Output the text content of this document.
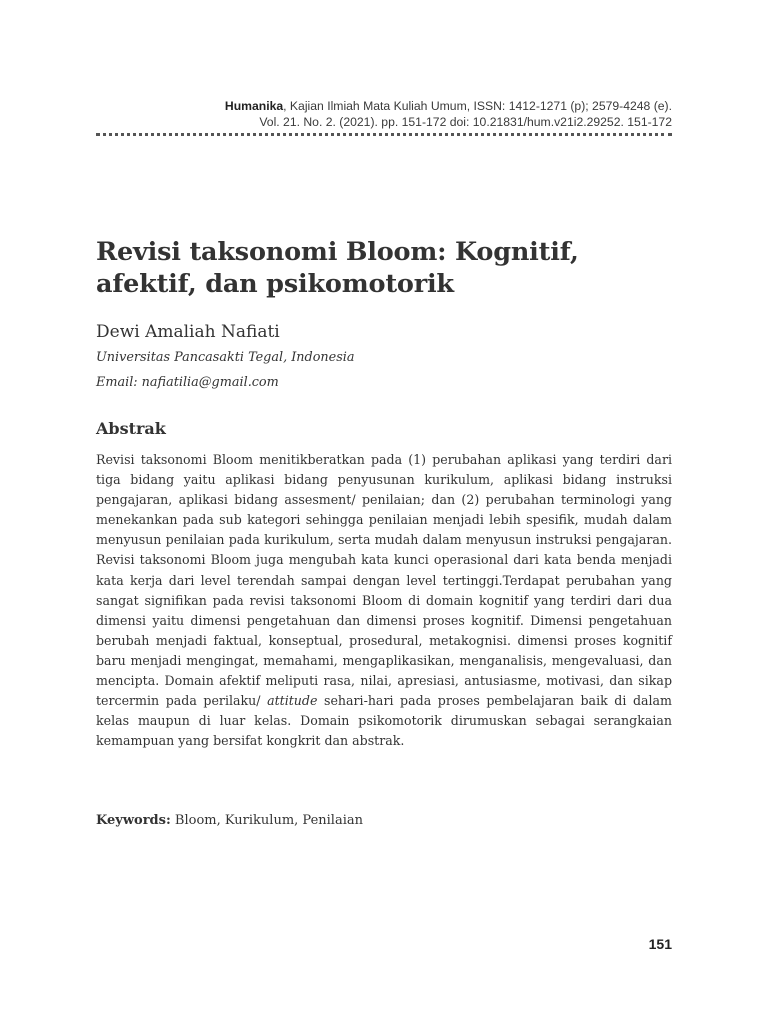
Humanika, Kajian Ilmiah Mata Kuliah Umum, ISSN: 1412-1271 (p); 2579-4248 (e).
Vol. 21. No. 2. (2021). pp. 151-172 doi: 10.21831/hum.v21i2.29252. 151-172
Revisi taksonomi Bloom: Kognitif, afektif, dan psikomotorik
Dewi Amaliah Nafiati
Universitas Pancasakti Tegal, Indonesia
Email: nafiatilia@gmail.com
Abstrak

Revisi taksonomi Bloom menitikberatkan pada (1) perubahan aplikasi yang terdiri dari tiga bidang yaitu aplikasi bidang penyusunan kurikulum, aplikasi bidang instruksi pengajaran, aplikasi bidang assesment/ penilaian; dan (2) perubahan terminologi yang menekankan pada sub kategori sehingga penilaian menjadi lebih spesifik, mudah dalam menyusun penilaian pada kurikulum, serta mudah dalam menyusun instruksi pengajaran. Revisi taksonomi Bloom juga mengubah kata kunci operasional dari kata benda menjadi kata kerja dari level terendah sampai dengan level tertinggi.Terdapat perubahan yang sangat signifikan pada revisi taksonomi Bloom di domain kognitif yang terdiri dari dua dimensi yaitu dimensi pengetahuan dan dimensi proses kognitif. Dimensi pengetahuan berubah menjadi faktual, konseptual, prosedural, metakognisi. dimensi proses kognitif baru menjadi mengingat, memahami, mengaplikasikan, menganalisis, mengevaluasi, dan mencipta. Domain afektif meliputi rasa, nilai, apresiasi, antusiasme, motivasi, dan sikap tercermin pada perilaku/ attitude sehari-hari pada proses pembelajaran baik di dalam kelas maupun di luar kelas. Domain psikomotorik dirumuskan sebagai serangkaian kemampuan yang bersifat kongkrit dan abstrak.

Keywords: Bloom, Kurikulum, Penilaian
151
